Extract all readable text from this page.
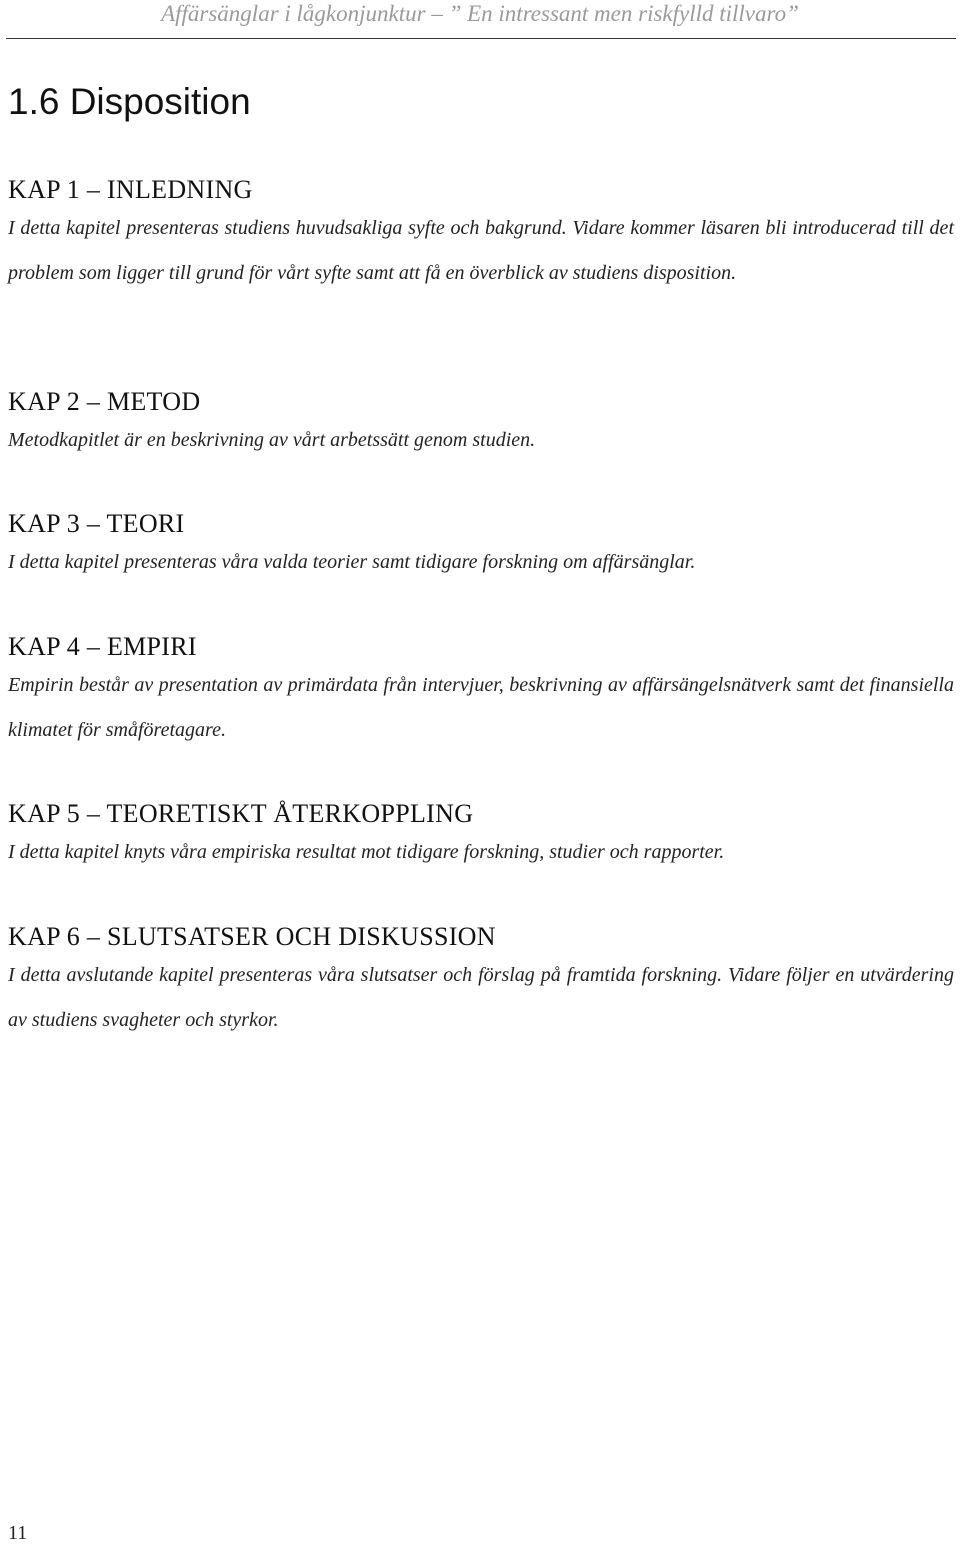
Affärsänglar i lågkonjunktur – ” En intressant men riskfylld tillvaro”
1.6 Disposition
KAP 1 – INLEDNING

I detta kapitel presenteras studiens huvudsakliga syfte och bakgrund. Vidare kommer läsaren bli introducerad till det problem som ligger till grund för vårt syfte samt att få en överblick av studiens disposition.

KAP 2 – METOD

Metodkapitlet är en beskrivning av vårt arbetssätt genom studien.

KAP 3 – TEORI

I detta kapitel presenteras våra valda teorier samt tidigare forskning om affärsänglar.

KAP 4 – EMPIRI

Empirin består av presentation av primärdata från intervjuer, beskrivning av affärsängelsnätverk samt det finansiella klimatet för småföretagare.

KAP 5 – TEORETISKT ÅTERKOPPLING

I detta kapitel knyts våra empiriska resultat mot tidigare forskning, studier och rapporter.

KAP 6 – SLUTSATSER OCH DISKUSSION

I detta avslutande kapitel presenteras våra slutsatser och förslag på framtida forskning. Vidare följer en utvärdering av studiens svagheter och styrkor.

11
